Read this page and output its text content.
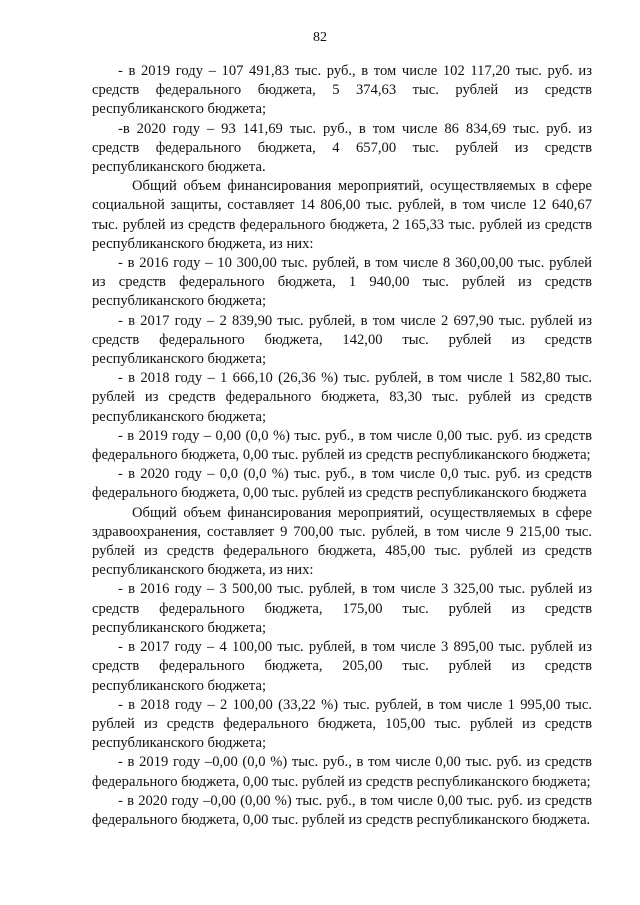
82

- в 2019 году – 107 491,83 тыс. руб., в том числе 102 117,20 тыс. руб. из средств федерального бюджета, 5 374,63 тыс. рублей из средств республиканского бюджета;

-в 2020 году – 93 141,69 тыс. руб., в том числе 86 834,69 тыс. руб. из средств федерального бюджета, 4 657,00 тыс. рублей из средств республиканского бюджета.

Общий объем финансирования мероприятий, осуществляемых в сфере социальной защиты, составляет 14 806,00 тыс. рублей, в том числе 12 640,67 тыс. рублей из средств федерального бюджета, 2 165,33 тыс. рублей из средств республиканского бюджета, из них:

- в 2016 году – 10 300,00 тыс. рублей, в том числе 8 360,00,00 тыс. рублей из средств федерального бюджета, 1 940,00 тыс. рублей из средств республиканского бюджета;

- в 2017 году – 2 839,90 тыс. рублей, в том числе 2 697,90 тыс. рублей из средств федерального бюджета, 142,00 тыс. рублей из средств республиканского бюджета;

- в 2018 году – 1 666,10 (26,36 %) тыс. рублей, в том числе 1 582,80 тыс. рублей из средств федерального бюджета, 83,30 тыс. рублей из средств республиканского бюджета;

- в 2019 году – 0,00 (0,0 %) тыс. руб., в том числе 0,00 тыс. руб. из средств федерального бюджета, 0,00 тыс. рублей из средств республиканского бюджета;

- в 2020 году – 0,0 (0,0 %) тыс. руб., в том числе 0,0 тыс. руб. из средств федерального бюджета, 0,00 тыс. рублей из средств республиканского бюджета

Общий объем финансирования мероприятий, осуществляемых в сфере здравоохранения, составляет 9 700,00 тыс. рублей, в том числе 9 215,00 тыс. рублей из средств федерального бюджета, 485,00 тыс. рублей из средств республиканского бюджета, из них:

- в 2016 году – 3 500,00 тыс. рублей, в том числе 3 325,00 тыс. рублей из средств федерального бюджета, 175,00 тыс. рублей из средств республиканского бюджета;

- в 2017 году – 4 100,00 тыс. рублей, в том числе 3 895,00 тыс. рублей из средств федерального бюджета, 205,00 тыс. рублей из средств республиканского бюджета;

- в 2018 году – 2 100,00 (33,22 %) тыс. рублей, в том числе 1 995,00 тыс. рублей из средств федерального бюджета, 105,00 тыс. рублей из средств республиканского бюджета;

- в 2019 году –0,00 (0,0 %) тыс. руб., в том числе 0,00 тыс. руб. из средств федерального бюджета, 0,00 тыс. рублей из средств республиканского бюджета;

- в 2020 году –0,00 (0,00 %) тыс. руб., в том числе 0,00 тыс. руб. из средств федерального бюджета, 0,00 тыс. рублей из средств республиканского бюджета.
